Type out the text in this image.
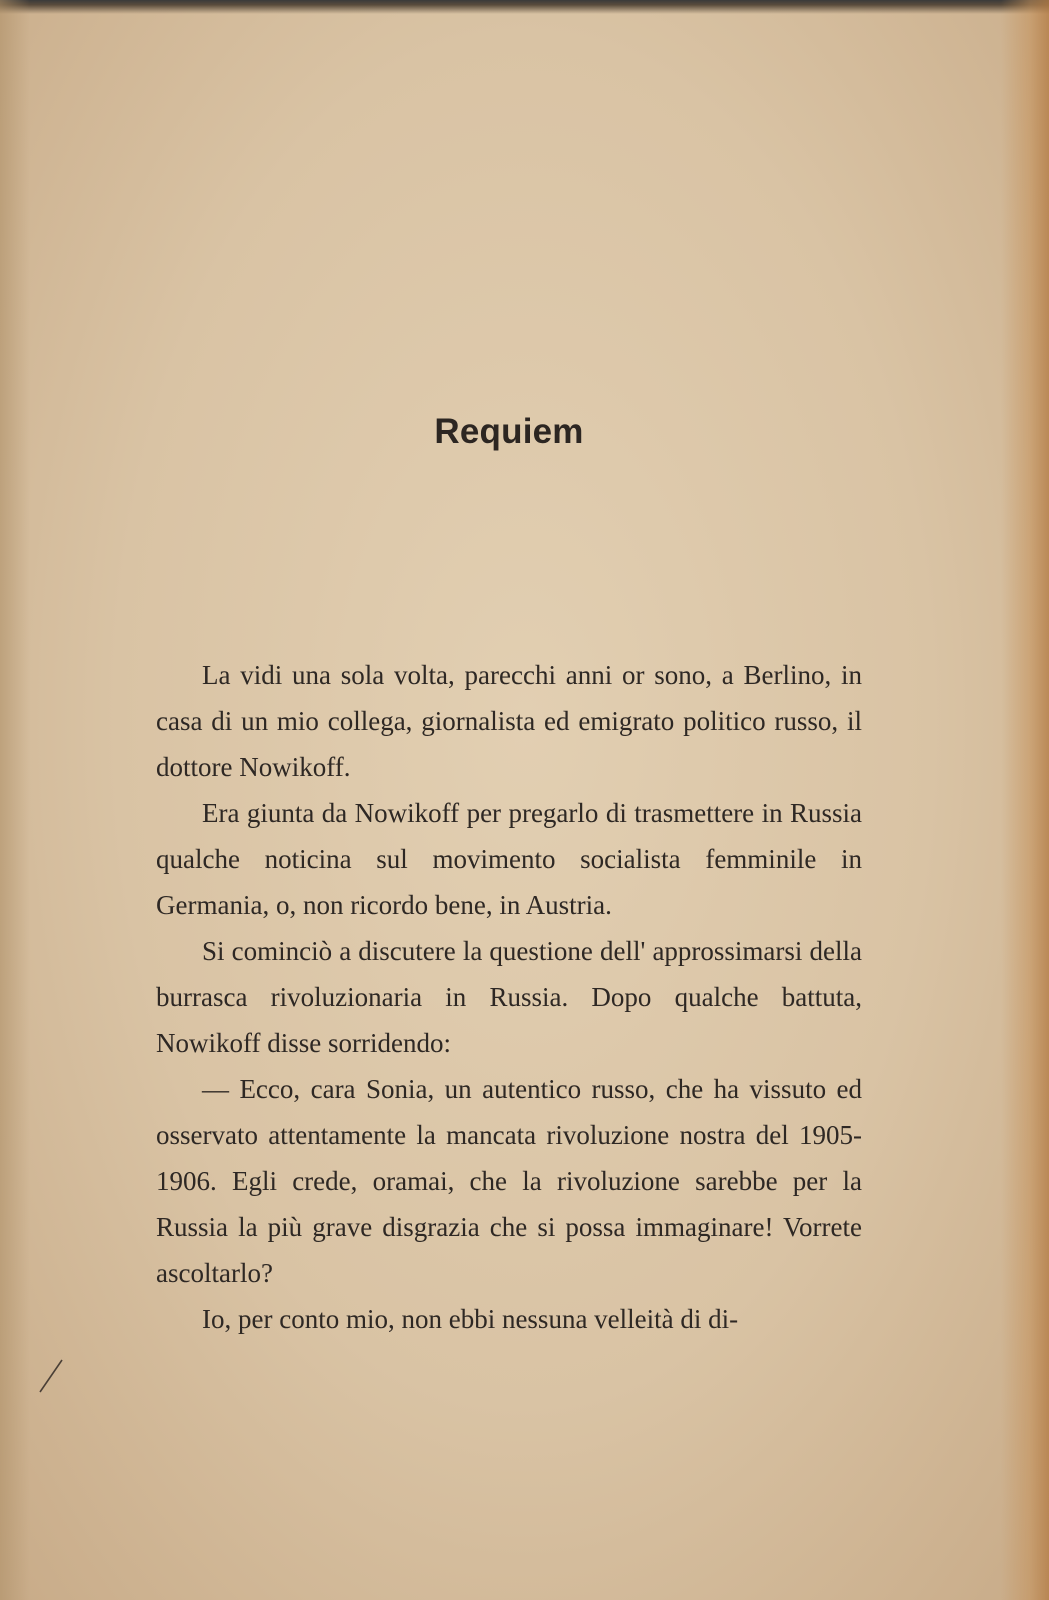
Requiem

La vidi una sola volta, parecchi anni or sono, a Berlino, in casa di un mio collega, giornalista ed emigrato politico russo, il dottore Nowikoff.

Era giunta da Nowikoff per pregarlo di trasmettere in Russia qualche noticina sul movimento socialista femminile in Germania, o, non ricordo bene, in Austria.

Si cominciò a discutere la questione dell' approssimarsi della burrasca rivoluzionaria in Russia. Dopo qualche battuta, Nowikoff disse sorridendo:

— Ecco, cara Sonia, un autentico russo, che ha vissuto ed osservato attentamente la mancata rivoluzione nostra del 1905-1906. Egli crede, oramai, che la rivoluzione sarebbe per la Russia la più grave disgrazia che si possa immaginare! Vorrete ascoltarlo?

Io, per conto mio, non ebbi nessuna velleità di di-
